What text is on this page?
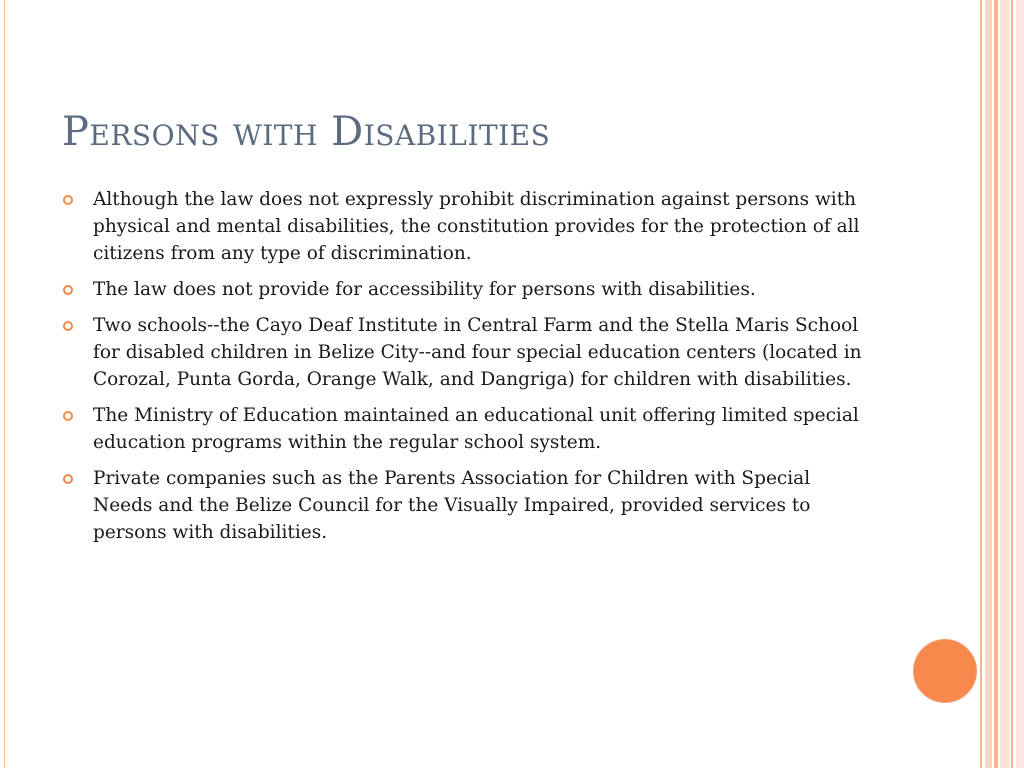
Persons with Disabilities
Although the law does not expressly prohibit discrimination against persons with physical and mental disabilities, the constitution provides for the protection of all citizens from any type of discrimination.
The law does not provide for accessibility for persons with disabilities.
Two schools--the Cayo Deaf Institute in Central Farm and the Stella Maris School for disabled children in Belize City--and four special education centers (located in Corozal, Punta Gorda, Orange Walk, and Dangriga) for children with disabilities.
The Ministry of Education maintained an educational unit offering limited special education programs within the regular school system.
Private companies such as the Parents Association for Children with Special Needs and the Belize Council for the Visually Impaired, provided services to persons with disabilities.
